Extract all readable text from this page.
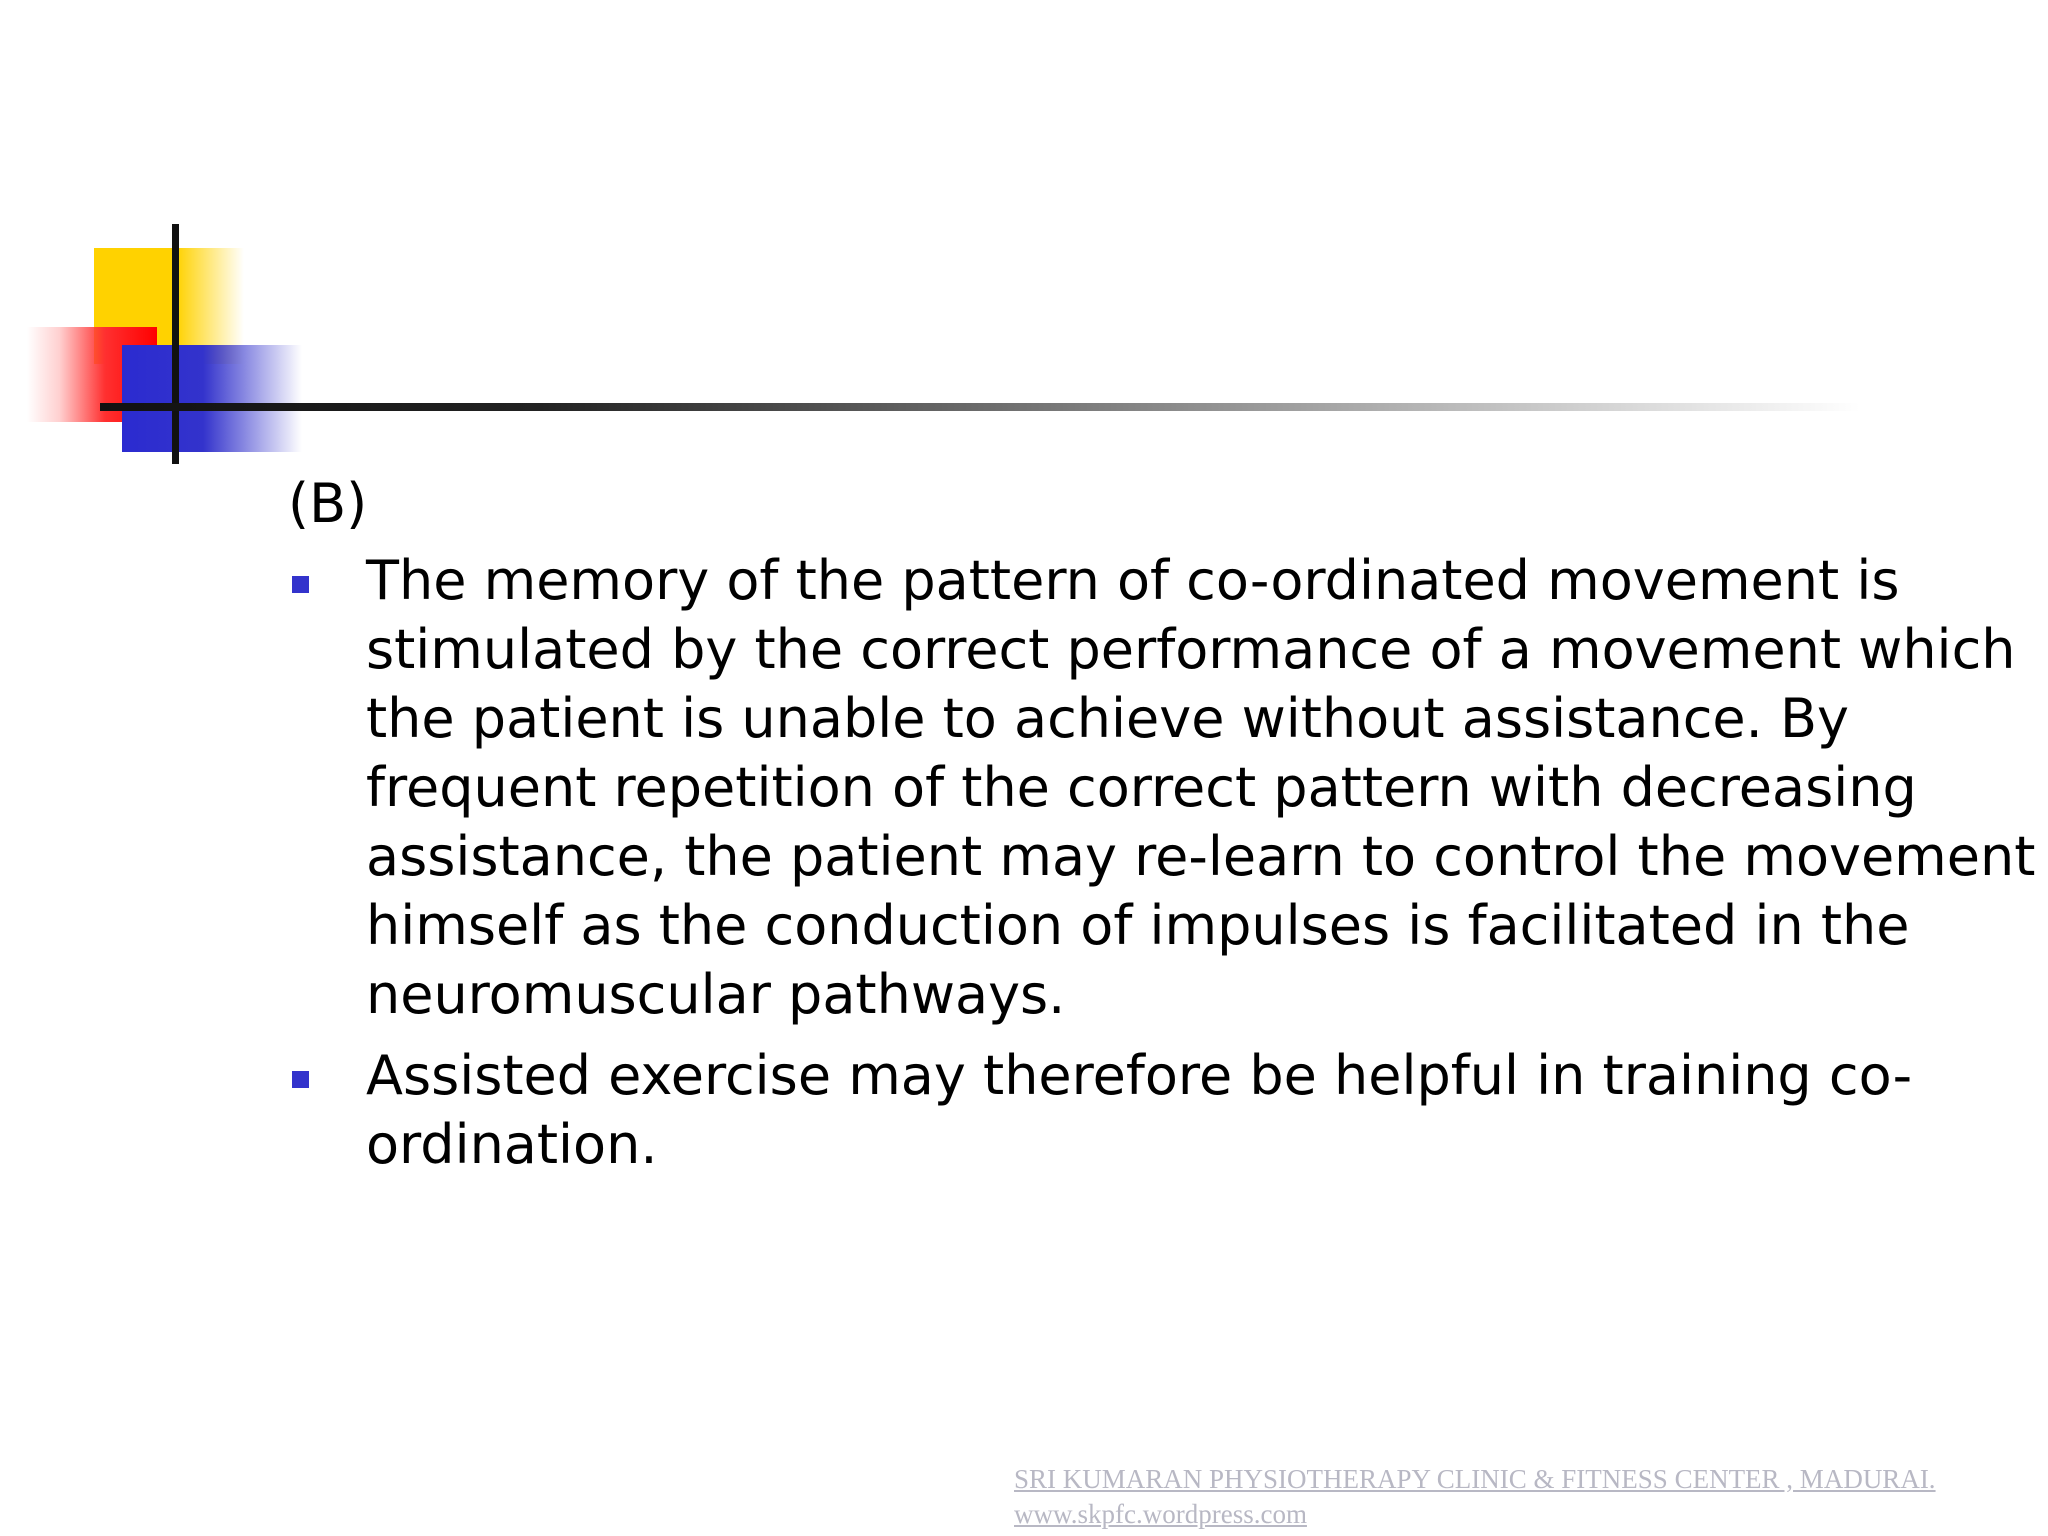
(B)
The memory of the pattern of co-ordinated movement is stimulated by the correct performance of a movement which the patient is unable to achieve without assistance. By frequent repetition of the correct pattern with decreasing assistance, the patient may re-learn to control the movement himself as the conduction of impulses is facilitated in the neuromuscular pathways.
Assisted exercise may therefore be helpful in training co-ordination.
SRI KUMARAN PHYSIOTHERAPY CLINIC & FITNESS CENTER , MADURAI.
www.skpfc.wordpress.com
